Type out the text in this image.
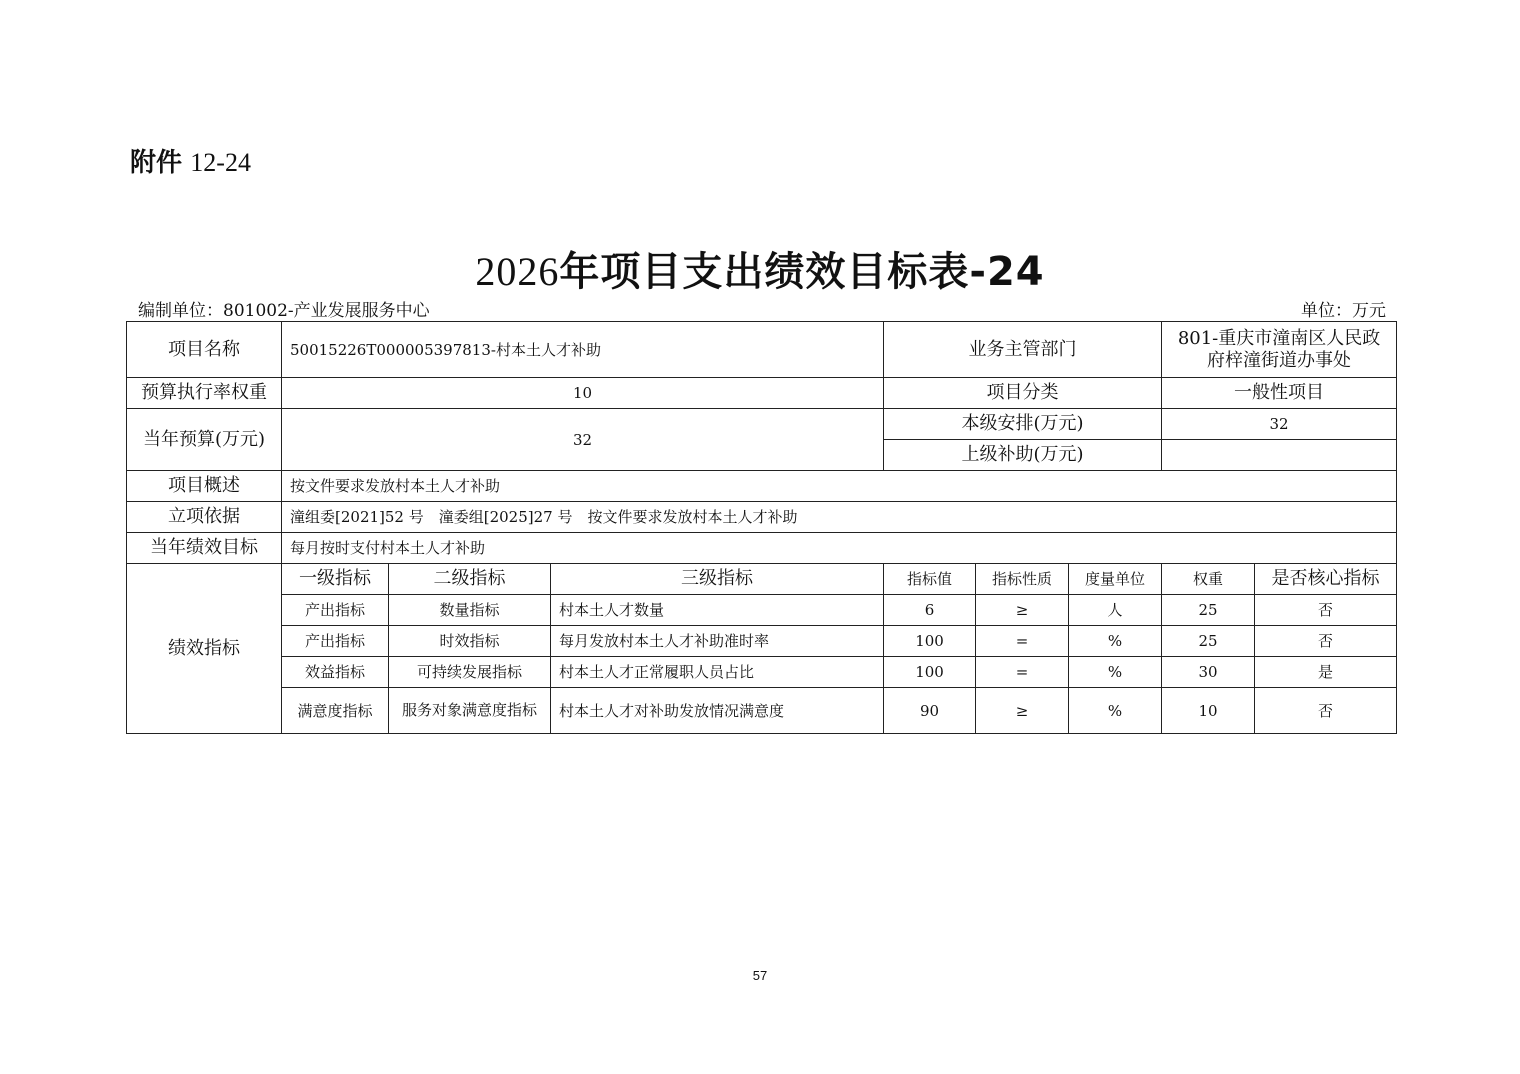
附件 12-24
2026年项目支出绩效目标表-24
编制单位：801002-产业发展服务中心	单位：万元
项目名称	50015226T000005397813-村本土人才补助			业务主管部门			801-重庆市潼南区人民政府梓潼街道办事处	
预算执行率权重	10			项目分类			一般性项目	
当年预算(万元)	32			本级安排(万元)			32	
				上级补助(万元)				
项目概述	按文件要求发放村本土人才补助							
立项依据	潼组委[2021]52 号　潼委组[2025]27 号　按文件要求发放村本土人才补助							
当年绩效目标	每月按时支付村本土人才补助							
绩效指标	一级指标	二级指标	三级指标	指标值	指标性质	度量单位	权重	是否核心指标
	产出指标	数量指标	村本土人才数量	6	≥	人	25	否
	产出指标	时效指标	每月发放村本土人才补助准时率	100	=	%	25	否
	效益指标	可持续发展指标	村本土人才正常履职人员占比	100	=	%	30	是
	满意度指标	服务对象满意度指标	村本土人才对补助发放情况满意度	90	≥	%	10	否
57
